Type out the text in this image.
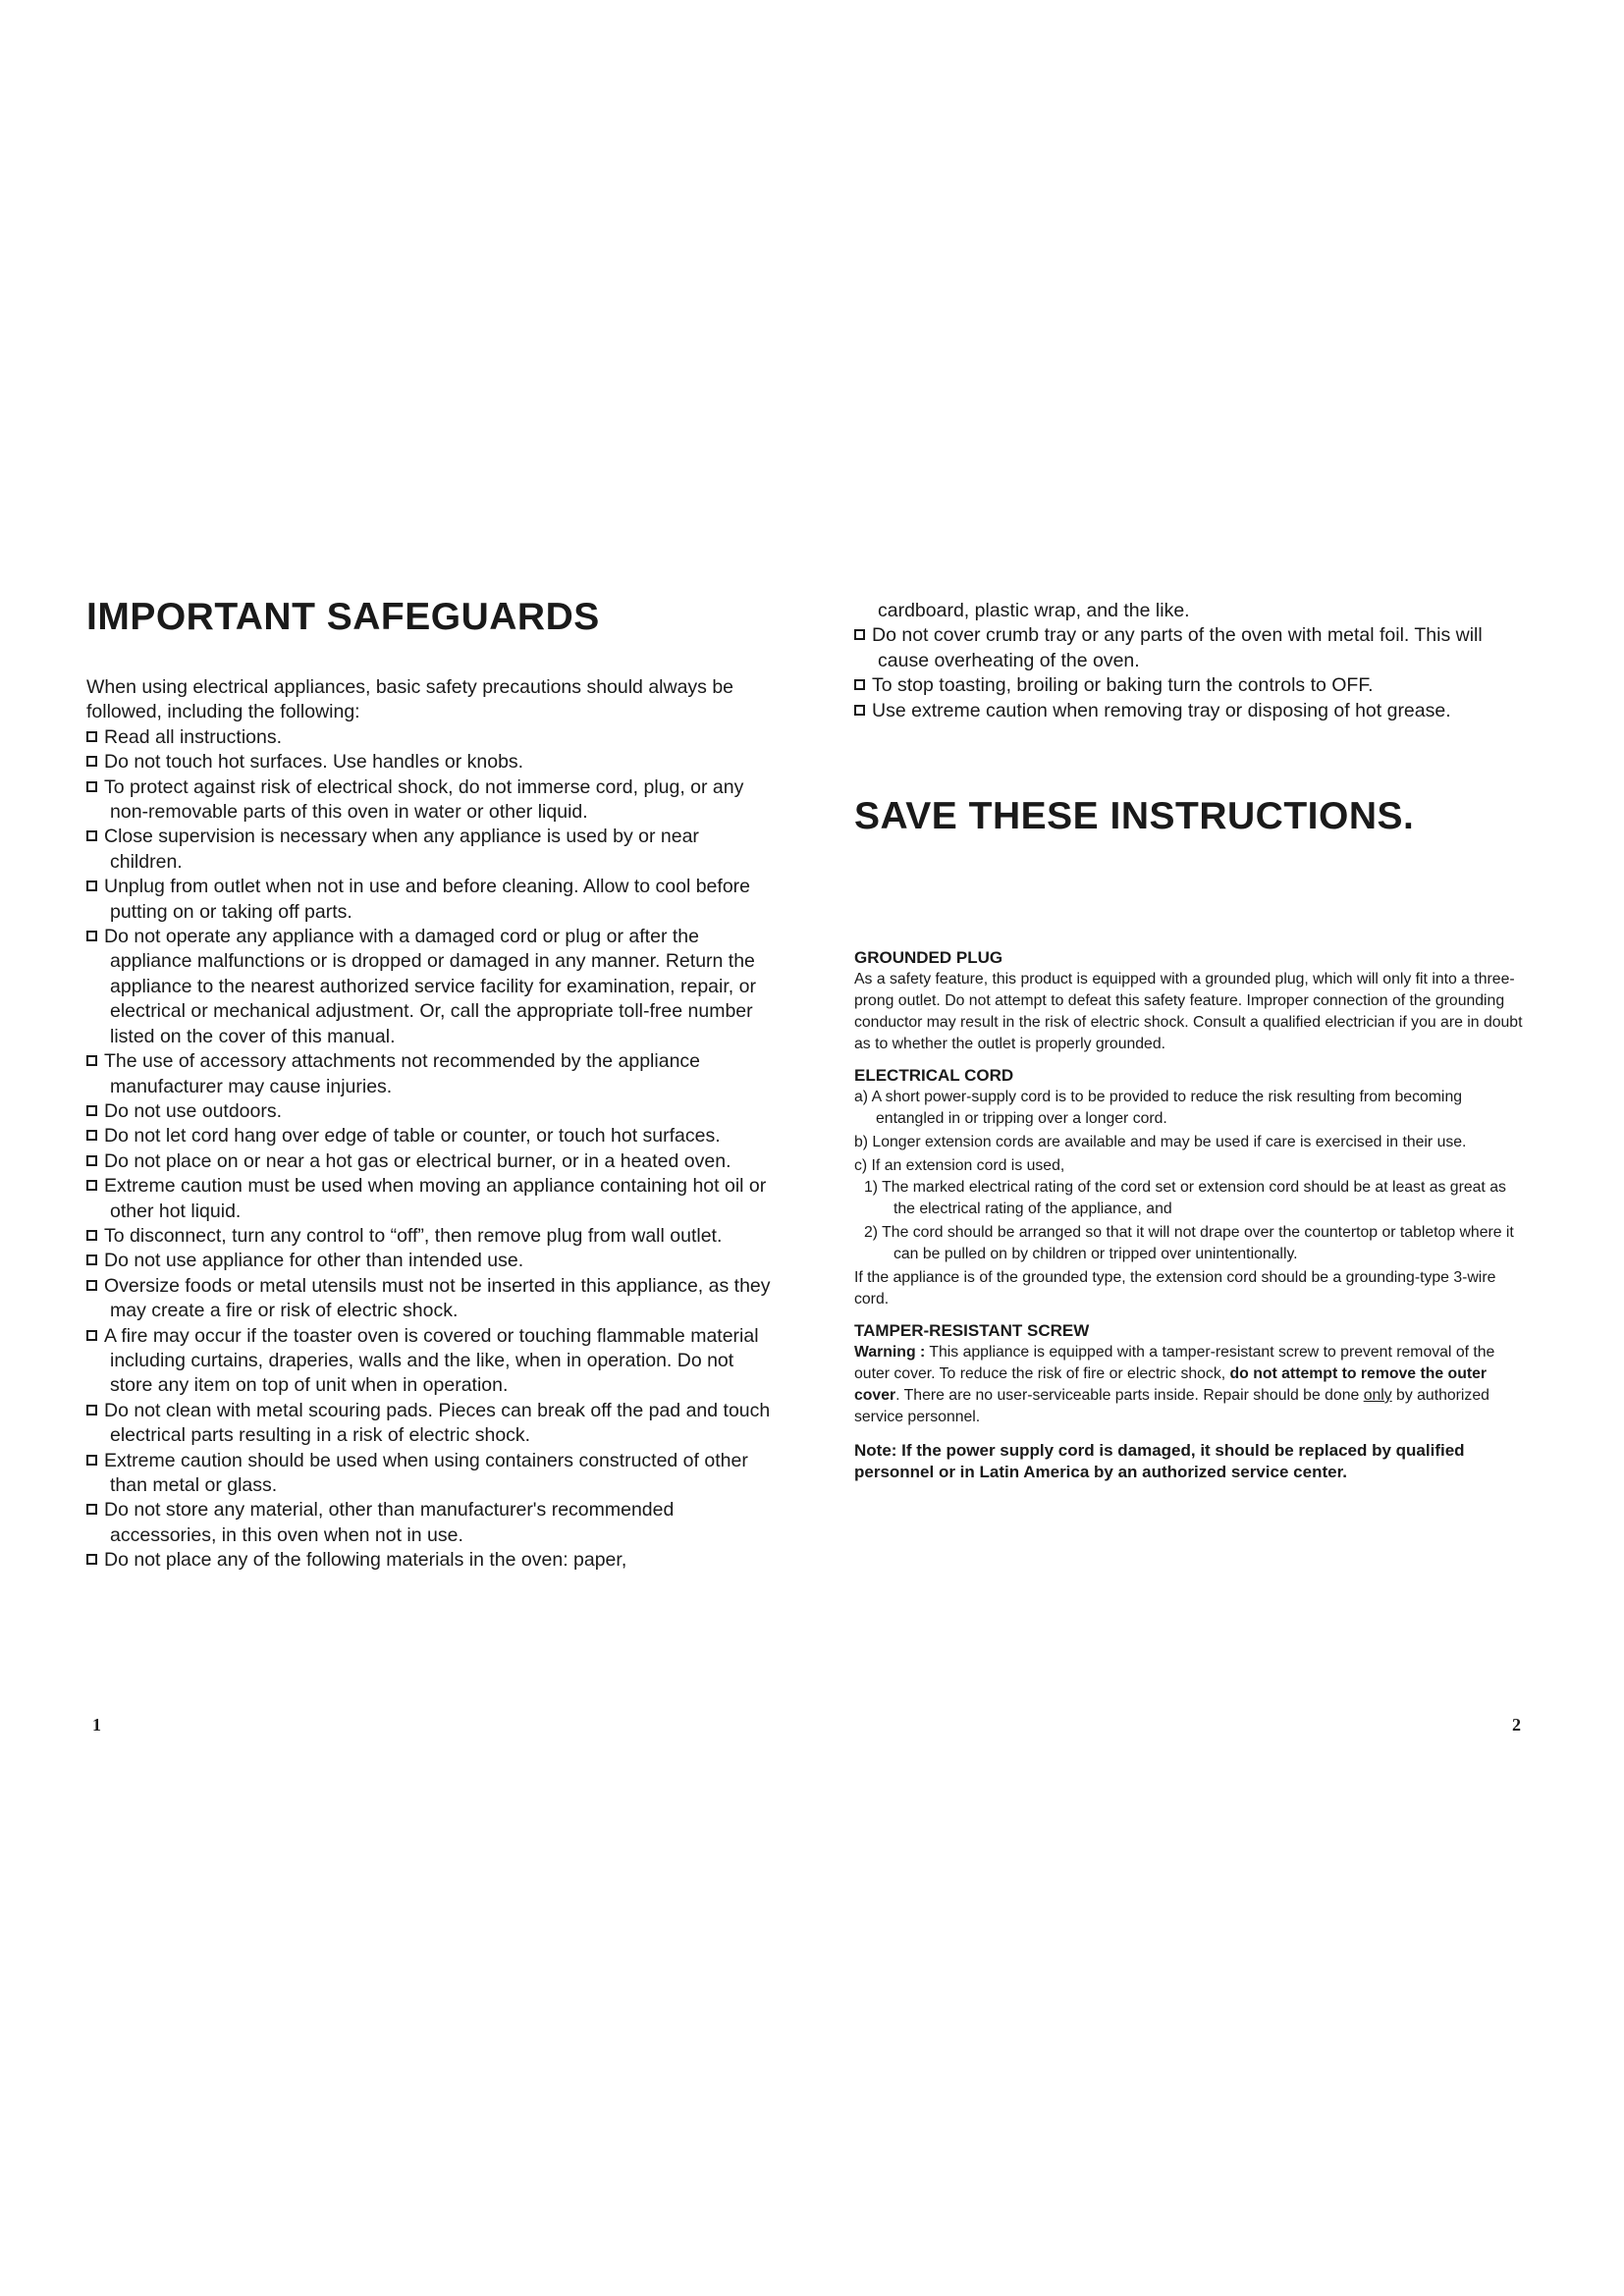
IMPORTANT SAFEGUARDS
When using electrical appliances, basic safety precautions should always be followed, including the following:
Read all instructions.
Do not touch hot surfaces. Use handles or knobs.
To protect against risk of electrical shock, do not immerse cord, plug, or any non-removable parts of this oven in water or other liquid.
Close supervision is necessary when any appliance is used by or near children.
Unplug from outlet when not in use and before cleaning. Allow to cool before putting on or taking off parts.
Do not operate any appliance with a damaged cord or plug or after the appliance malfunctions or is dropped or damaged in any manner. Return the appliance to the nearest authorized service facility for examination, repair, or electrical or mechanical adjustment. Or, call the appropriate toll-free number listed on the cover of this manual.
The use of accessory attachments not recommended by the appliance manufacturer may cause injuries.
Do not use outdoors.
Do not let cord hang over edge of table or counter, or touch hot surfaces.
Do not place on or near a hot gas or electrical burner, or in a heated oven.
Extreme caution must be used when moving an appliance containing hot oil or other hot liquid.
To disconnect, turn any control to “off”, then remove plug from wall outlet.
Do not use appliance for other than intended use.
Oversize foods or metal utensils must not be inserted in this appliance, as they may create a fire or risk of electric shock.
A fire may occur if the toaster oven is covered or touching flammable material including curtains, draperies, walls and the like, when in operation. Do not store any item on top of unit when in operation.
Do not clean with metal scouring pads. Pieces can break off the pad and touch electrical parts resulting in a risk of electric shock.
Extreme caution should be used when using containers constructed of other than metal or glass.
Do not store any material, other than manufacturer's recommended accessories, in this oven when not in use.
Do not place any of the following materials in the oven: paper,
cardboard, plastic wrap, and the like.
Do not cover crumb tray or any parts of the oven with metal foil. This will cause overheating of the oven.
To stop toasting, broiling or baking turn the controls to OFF.
Use extreme caution when removing tray or disposing of hot grease.
SAVE THESE INSTRUCTIONS.

GROUNDED PLUG

As a safety feature, this product is equipped with a grounded plug, which will only fit into a three-prong outlet. Do not attempt to defeat this safety feature. Improper connection of the grounding conductor may result in the risk of electric shock. Consult a qualified electrician if you are in doubt as to whether the outlet is properly grounded.

ELECTRICAL CORD

a) A short power-supply cord is to be provided to reduce the risk resulting from becoming entangled in or tripping over a longer cord.

b) Longer extension cords are available and may be used if care is exercised in their use.

c) If an extension cord is used,

1) The marked electrical rating of the cord set or extension cord should be at least as great as the electrical rating of the appliance, and

2) The cord should be arranged so that it will not drape over the countertop or tabletop where it can be pulled on by children or tripped over unintentionally.

If the appliance is of the grounded type, the extension cord should be a grounding-type 3-wire cord.

TAMPER-RESISTANT SCREW

Warning : This appliance is equipped with a tamper-resistant screw to prevent removal of the outer cover. To reduce the risk of fire or electric shock, do not attempt to remove the outer cover. There are no user-serviceable parts inside. Repair should be done only by authorized service personnel.

Note: If the power supply cord is damaged, it should be replaced by qualified personnel or in Latin America by an authorized service center.

1	2
